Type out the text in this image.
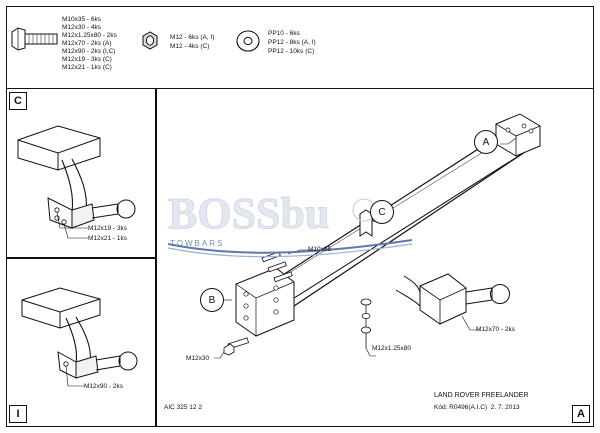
M10x35 - 6ks
M12x30 - 4ks
M12x1.25x80 - 2ks
M12x70 - 2ks (A)
M12x90 - 2ks (I,C)
M12x19 - 3ks (C)
M12x21 - 1ks (C)
M12 - 6ks (A, I)
M12 - 4ks (C)
PP10 - 6ks
PP12 - 8ks (A, I)
PP12 - 10ks (C)
C
M12x19 - 3ks
M12x21 - 1ks
I
M12x90 - 2ks
BOSSbu
TOWBARS
A
C
B
M10x35
M12x30
M12x1.25x80
M12x70 - 2ks
LAND ROVER FREELANDER
Kód: R0496(A.I.C)  2. 7. 2013
AIC 325 12 2
A
